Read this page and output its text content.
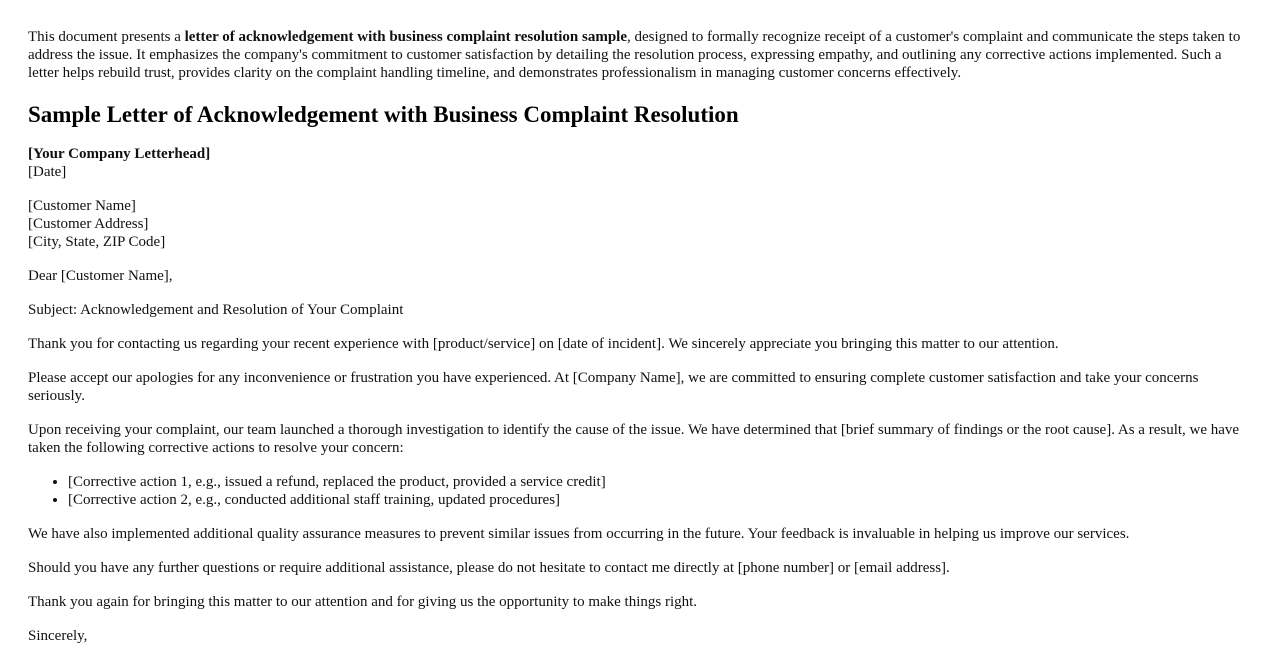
This document presents a letter of acknowledgement with business complaint resolution sample, designed to formally recognize receipt of a customer's complaint and communicate the steps taken to address the issue. It emphasizes the company's commitment to customer satisfaction by detailing the resolution process, expressing empathy, and outlining any corrective actions implemented. Such a letter helps rebuild trust, provides clarity on the complaint handling timeline, and demonstrates professionalism in managing customer concerns effectively.

Sample Letter of Acknowledgement with Business Complaint Resolution
[Your Company Letterhead]
[Date]
[Customer Name]
[Customer Address]
[City, State, ZIP Code]

Dear [Customer Name],

Subject: Acknowledgement and Resolution of Your Complaint

Thank you for contacting us regarding your recent experience with [product/service] on [date of incident]. We sincerely appreciate you bringing this matter to our attention.

Please accept our apologies for any inconvenience or frustration you have experienced. At [Company Name], we are committed to ensuring complete customer satisfaction and take your concerns seriously.

Upon receiving your complaint, our team launched a thorough investigation to identify the cause of the issue. We have determined that [brief summary of findings or the root cause]. As a result, we have taken the following corrective actions to resolve your concern:

• [Corrective action 1, e.g., issued a refund, replaced the product, provided a service credit]
• [Corrective action 2, e.g., conducted additional staff training, updated procedures]

We have also implemented additional quality assurance measures to prevent similar issues from occurring in the future. Your feedback is invaluable in helping us improve our services.

Should you have any further questions or require additional assistance, please do not hesitate to contact me directly at [phone number] or [email address].

Thank you again for bringing this matter to our attention and for giving us the opportunity to make things right.

Sincerely,
